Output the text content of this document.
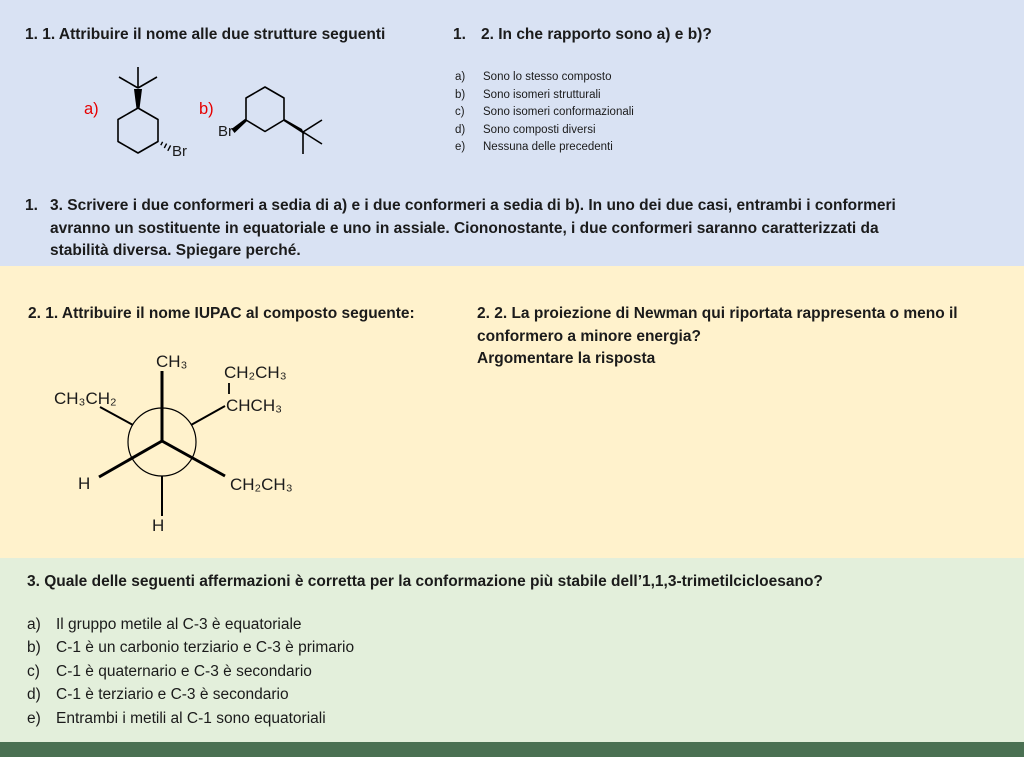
1. 1. Attribuire il nome alle due strutture seguenti
a)
Br
b)
Br
1. 2. In che rapporto sono a) e b)?
a)	Sono lo stesso composto
b)	Sono isomeri strutturali
c)	Sono isomeri conformazionali
d)	Sono composti diversi
e)	Nessuna delle precedenti
1. 3. Scrivere i due conformeri a sedia di a) e i due conformeri a sedia di b). In uno dei due casi, entrambi i conformeri
avranno un sostituente in equatoriale e uno in assiale. Ciononostante, i due conformeri saranno caratterizzati da
stabilità diversa. Spiegare perché.
2. 1. Attribuire il nome IUPAC al composto seguente:
CH₃
CH₃CH₂
CH₂CH₃
CHCH₃
H	CH₂CH₃
H
2. 2. La proiezione di Newman qui riportata rappresenta o meno il
conformero a minore energia?
Argomentare la risposta
3. Quale delle seguenti affermazioni è corretta per la conformazione più stabile dell’1,1,3-trimetilcicloesano?
a) Il gruppo metile al C-3 è equatoriale
b) C-1 è un carbonio terziario e C-3 è primario
c)	C-1 è quaternario e C-3 è secondario
d) C-1 è terziario e C-3 è secondario
e) Entrambi i metili al C-1 sono equatoriali
